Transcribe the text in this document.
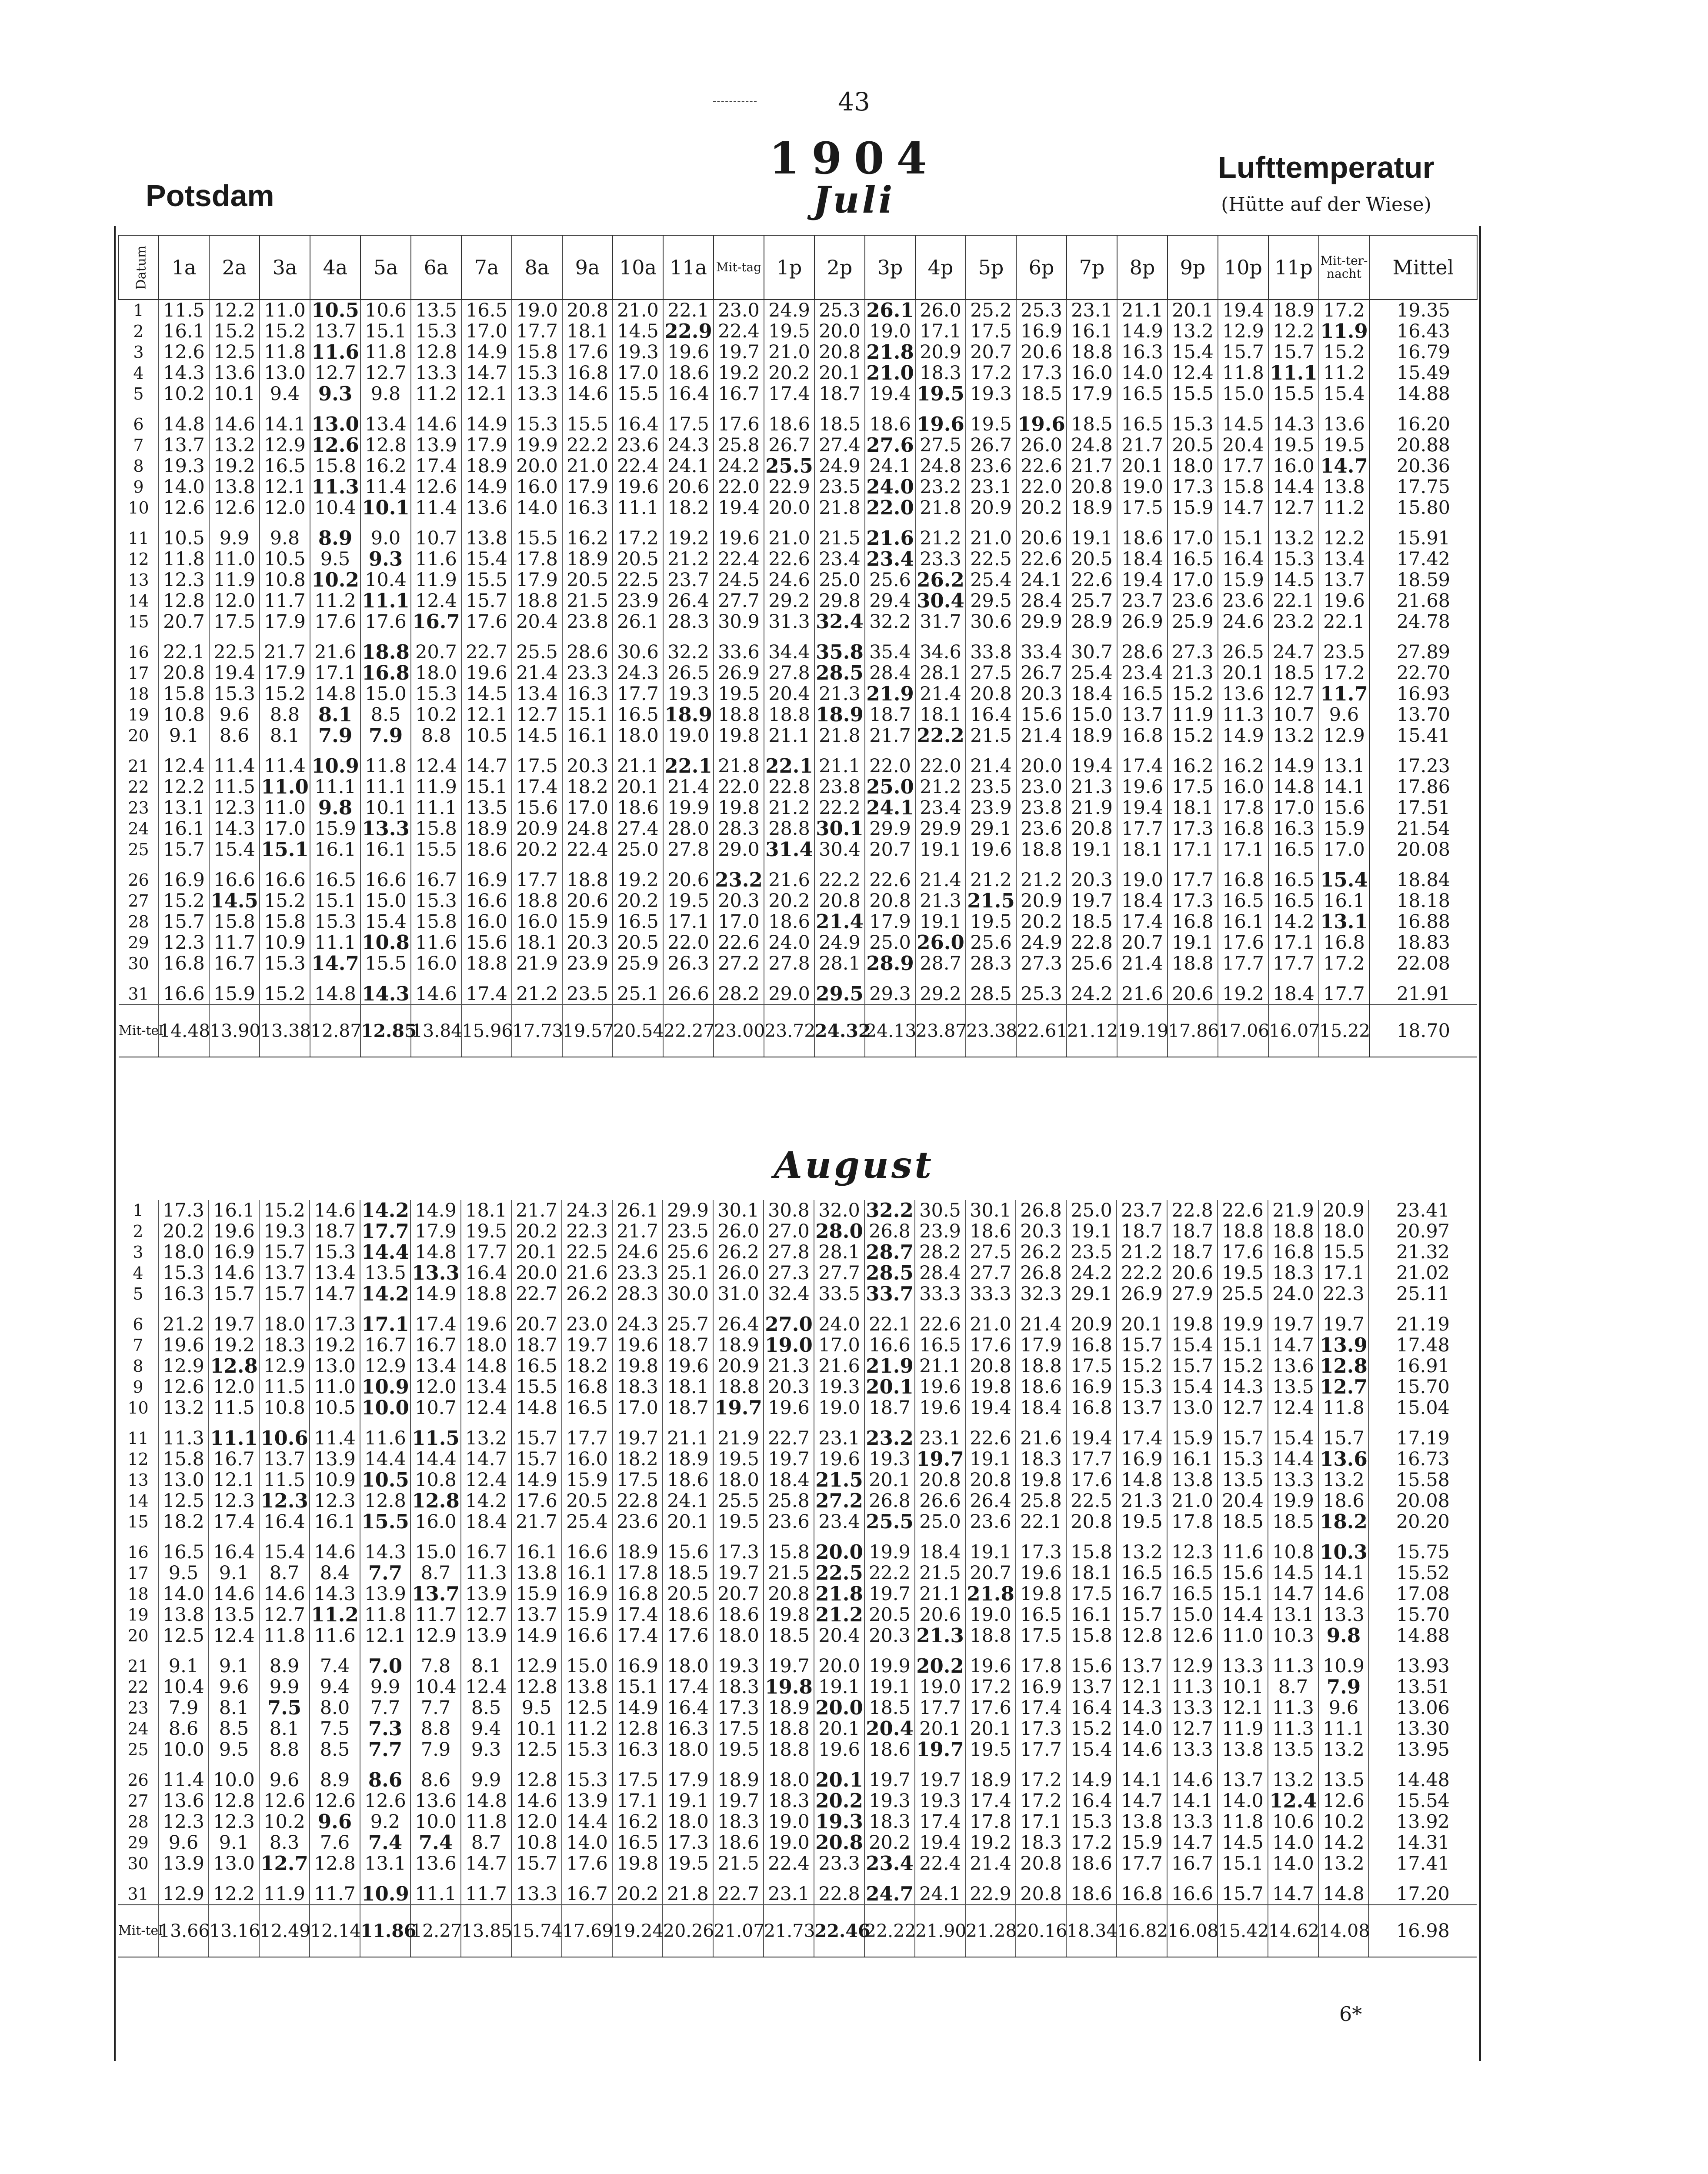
43
1904
Juli
Potsdam
Lufttemperatur
(Hütte auf der Wiese)
Datum	1a	2a	3a	4a	5a	6a	7a	8a	9a	10a	11a	Mit-tag	1p	2p	3p	4p	5p	6p	7p	8p	9p	10p	11p	Mit-ter-nacht	Mittel
1	11.5	12.2	11.0	10.5	10.6	13.5	16.5	19.0	20.8	21.0	22.1	23.0	24.9	25.3	26.1	26.0	25.2	25.3	23.1	21.1	20.1	19.4	18.9	17.2	19.35
2	16.1	15.2	15.2	13.7	15.1	15.3	17.0	17.7	18.1	14.5	22.9	22.4	19.5	20.0	19.0	17.1	17.5	16.9	16.1	14.9	13.2	12.9	12.2	11.9	16.43
3	12.6	12.5	11.8	11.6	11.8	12.8	14.9	15.8	17.6	19.3	19.6	19.7	21.0	20.8	21.8	20.9	20.7	20.6	18.8	16.3	15.4	15.7	15.7	15.2	16.79
4	14.3	13.6	13.0	12.7	12.7	13.3	14.7	15.3	16.8	17.0	18.6	19.2	20.2	20.1	21.0	18.3	17.2	17.3	16.0	14.0	12.4	11.8	11.1	11.2	15.49
5	10.2	10.1	9.4	9.3	9.8	11.2	12.1	13.3	14.6	15.5	16.4	16.7	17.4	18.7	19.4	19.5	19.3	18.5	17.9	16.5	15.5	15.0	15.5	15.4	14.88
6	14.8	14.6	14.1	13.0	13.4	14.6	14.9	15.3	15.5	16.4	17.5	17.6	18.6	18.5	18.6	19.6	19.5	19.6	18.5	16.5	15.3	14.5	14.3	13.6	16.20
7	13.7	13.2	12.9	12.6	12.8	13.9	17.9	19.9	22.2	23.6	24.3	25.8	26.7	27.4	27.6	27.5	26.7	26.0	24.8	21.7	20.5	20.4	19.5	19.5	20.88
8	19.3	19.2	16.5	15.8	16.2	17.4	18.9	20.0	21.0	22.4	24.1	24.2	25.5	24.9	24.1	24.8	23.6	22.6	21.7	20.1	18.0	17.7	16.0	14.7	20.36
9	14.0	13.8	12.1	11.3	11.4	12.6	14.9	16.0	17.9	19.6	20.6	22.0	22.9	23.5	24.0	23.2	23.1	22.0	20.8	19.0	17.3	15.8	14.4	13.8	17.75
10	12.6	12.6	12.0	10.4	10.1	11.4	13.6	14.0	16.3	11.1	18.2	19.4	20.0	21.8	22.0	21.8	20.9	20.2	18.9	17.5	15.9	14.7	12.7	11.2	15.80
11	10.5	9.9	9.8	8.9	9.0	10.7	13.8	15.5	16.2	17.2	19.2	19.6	21.0	21.5	21.6	21.2	21.0	20.6	19.1	18.6	17.0	15.1	13.2	12.2	15.91
12	11.8	11.0	10.5	9.5	9.3	11.6	15.4	17.8	18.9	20.5	21.2	22.4	22.6	23.4	23.4	23.3	22.5	22.6	20.5	18.4	16.5	16.4	15.3	13.4	17.42
13	12.3	11.9	10.8	10.2	10.4	11.9	15.5	17.9	20.5	22.5	23.7	24.5	24.6	25.0	25.6	26.2	25.4	24.1	22.6	19.4	17.0	15.9	14.5	13.7	18.59
14	12.8	12.0	11.7	11.2	11.1	12.4	15.7	18.8	21.5	23.9	26.4	27.7	29.2	29.8	29.4	30.4	29.5	28.4	25.7	23.7	23.6	23.6	22.1	19.6	21.68
15	20.7	17.5	17.9	17.6	17.6	16.7	17.6	20.4	23.8	26.1	28.3	30.9	31.3	32.4	32.2	31.7	30.6	29.9	28.9	26.9	25.9	24.6	23.2	22.1	24.78
16	22.1	22.5	21.7	21.6	18.8	20.7	22.7	25.5	28.6	30.6	32.2	33.6	34.4	35.8	35.4	34.6	33.8	33.4	30.7	28.6	27.3	26.5	24.7	23.5	27.89
17	20.8	19.4	17.9	17.1	16.8	18.0	19.6	21.4	23.3	24.3	26.5	26.9	27.8	28.5	28.4	28.1	27.5	26.7	25.4	23.4	21.3	20.1	18.5	17.2	22.70
18	15.8	15.3	15.2	14.8	15.0	15.3	14.5	13.4	16.3	17.7	19.3	19.5	20.4	21.3	21.9	21.4	20.8	20.3	18.4	16.5	15.2	13.6	12.7	11.7	16.93
19	10.8	9.6	8.8	8.1	8.5	10.2	12.1	12.7	15.1	16.5	18.9	18.8	18.8	18.9	18.7	18.1	16.4	15.6	15.0	13.7	11.9	11.3	10.7	9.6	13.70
20	9.1	8.6	8.1	7.9	7.9	8.8	10.5	14.5	16.1	18.0	19.0	19.8	21.1	21.8	21.7	22.2	21.5	21.4	18.9	16.8	15.2	14.9	13.2	12.9	15.41
21	12.4	11.4	11.4	10.9	11.8	12.4	14.7	17.5	20.3	21.1	22.1	21.8	22.1	21.1	22.0	22.0	21.4	20.0	19.4	17.4	16.2	16.2	14.9	13.1	17.23
22	12.2	11.5	11.0	11.1	11.1	11.9	15.1	17.4	18.2	20.1	21.4	22.0	22.8	23.8	25.0	21.2	23.5	23.0	21.3	19.6	17.5	16.0	14.8	14.1	17.86
23	13.1	12.3	11.0	9.8	10.1	11.1	13.5	15.6	17.0	18.6	19.9	19.8	21.2	22.2	24.1	23.4	23.9	23.8	21.9	19.4	18.1	17.8	17.0	15.6	17.51
24	16.1	14.3	17.0	15.9	13.3	15.8	18.9	20.9	24.8	27.4	28.0	28.3	28.8	30.1	29.9	29.9	29.1	23.6	20.8	17.7	17.3	16.8	16.3	15.9	21.54
25	15.7	15.4	15.1	16.1	16.1	15.5	18.6	20.2	22.4	25.0	27.8	29.0	31.4	30.4	20.7	19.1	19.6	18.8	19.1	18.1	17.1	17.1	16.5	17.0	20.08
26	16.9	16.6	16.6	16.5	16.6	16.7	16.9	17.7	18.8	19.2	20.6	23.2	21.6	22.2	22.6	21.4	21.2	21.2	20.3	19.0	17.7	16.8	16.5	15.4	18.84
27	15.2	14.5	15.2	15.1	15.0	15.3	16.6	18.8	20.6	20.2	19.5	20.3	20.2	20.8	20.8	21.3	21.5	20.9	19.7	18.4	17.3	16.5	16.5	16.1	18.18
28	15.7	15.8	15.8	15.3	15.4	15.8	16.0	16.0	15.9	16.5	17.1	17.0	18.6	21.4	17.9	19.1	19.5	20.2	18.5	17.4	16.8	16.1	14.2	13.1	16.88
29	12.3	11.7	10.9	11.1	10.8	11.6	15.6	18.1	20.3	20.5	22.0	22.6	24.0	24.9	25.0	26.0	25.6	24.9	22.8	20.7	19.1	17.6	17.1	16.8	18.83
30	16.8	16.7	15.3	14.7	15.5	16.0	18.8	21.9	23.9	25.9	26.3	27.2	27.8	28.1	28.9	28.7	28.3	27.3	25.6	21.4	18.8	17.7	17.7	17.2	22.08
31	16.6	15.9	15.2	14.8	14.3	14.6	17.4	21.2	23.5	25.1	26.6	28.2	29.0	29.5	29.3	29.2	28.5	25.3	24.2	21.6	20.6	19.2	18.4	17.7	21.91
Mit-tel	14.48	13.90	13.38	12.87	12.85	13.84	15.96	17.73	19.57	20.54	22.27	23.00	23.72	24.32	24.13	23.87	23.38	22.61	21.12	19.19	17.86	17.06	16.07	15.22	18.70
August
1	17.3	16.1	15.2	14.6	14.2	14.9	18.1	21.7	24.3	26.1	29.9	30.1	30.8	32.0	32.2	30.5	30.1	26.8	25.0	23.7	22.8	22.6	21.9	20.9	23.41
2	20.2	19.6	19.3	18.7	17.7	17.9	19.5	20.2	22.3	21.7	23.5	26.0	27.0	28.0	26.8	23.9	18.6	20.3	19.1	18.7	18.7	18.8	18.8	18.0	20.97
3	18.0	16.9	15.7	15.3	14.4	14.8	17.7	20.1	22.5	24.6	25.6	26.2	27.8	28.1	28.7	28.2	27.5	26.2	23.5	21.2	18.7	17.6	16.8	15.5	21.32
4	15.3	14.6	13.7	13.4	13.5	13.3	16.4	20.0	21.6	23.3	25.1	26.0	27.3	27.7	28.5	28.4	27.7	26.8	24.2	22.2	20.6	19.5	18.3	17.1	21.02
5	16.3	15.7	15.7	14.7	14.2	14.9	18.8	22.7	26.2	28.3	30.0	31.0	32.4	33.5	33.7	33.3	33.3	32.3	29.1	26.9	27.9	25.5	24.0	22.3	25.11
6	21.2	19.7	18.0	17.3	17.1	17.4	19.6	20.7	23.0	24.3	25.7	26.4	27.0	24.0	22.1	22.6	21.0	21.4	20.9	20.1	19.8	19.9	19.7	19.7	21.19
7	19.6	19.2	18.3	19.2	16.7	16.7	18.0	18.7	19.7	19.6	18.7	18.9	19.0	17.0	16.6	16.5	17.6	17.9	16.8	15.7	15.4	15.1	14.7	13.9	17.48
8	12.9	12.8	12.9	13.0	12.9	13.4	14.8	16.5	18.2	19.8	19.6	20.9	21.3	21.6	21.9	21.1	20.8	18.8	17.5	15.2	15.7	15.2	13.6	12.8	16.91
9	12.6	12.0	11.5	11.0	10.9	12.0	13.4	15.5	16.8	18.3	18.1	18.8	20.3	19.3	20.1	19.6	19.8	18.6	16.9	15.3	15.4	14.3	13.5	12.7	15.70
10	13.2	11.5	10.8	10.5	10.0	10.7	12.4	14.8	16.5	17.0	18.7	19.7	19.6	19.0	18.7	19.6	19.4	18.4	16.8	13.7	13.0	12.7	12.4	11.8	15.04
11	11.3	11.1	10.6	11.4	11.6	11.5	13.2	15.7	17.7	19.7	21.1	21.9	22.7	23.1	23.2	23.1	22.6	21.6	19.4	17.4	15.9	15.7	15.4	15.7	17.19
12	15.8	16.7	13.7	13.9	14.4	14.4	14.7	15.7	16.0	18.2	18.9	19.5	19.7	19.6	19.3	19.7	19.1	18.3	17.7	16.9	16.1	15.3	14.4	13.6	16.73
13	13.0	12.1	11.5	10.9	10.5	10.8	12.4	14.9	15.9	17.5	18.6	18.0	18.4	21.5	20.1	20.8	20.8	19.8	17.6	14.8	13.8	13.5	13.3	13.2	15.58
14	12.5	12.3	12.3	12.3	12.8	12.8	14.2	17.6	20.5	22.8	24.1	25.5	25.8	27.2	26.8	26.6	26.4	25.8	22.5	21.3	21.0	20.4	19.9	18.6	20.08
15	18.2	17.4	16.4	16.1	15.5	16.0	18.4	21.7	25.4	23.6	20.1	19.5	23.6	23.4	25.5	25.0	23.6	22.1	20.8	19.5	17.8	18.5	18.5	18.2	20.20
16	16.5	16.4	15.4	14.6	14.3	15.0	16.7	16.1	16.6	18.9	15.6	17.3	15.8	20.0	19.9	18.4	19.1	17.3	15.8	13.2	12.3	11.6	10.8	10.3	15.75
17	9.5	9.1	8.7	8.4	7.7	8.7	11.3	13.8	16.1	17.8	18.5	19.7	21.5	22.5	22.2	21.5	20.7	19.6	18.1	16.5	16.5	15.6	14.5	14.1	15.52
18	14.0	14.6	14.6	14.3	13.9	13.7	13.9	15.9	16.9	16.8	20.5	20.7	20.8	21.8	19.7	21.1	21.8	19.8	17.5	16.7	16.5	15.1	14.7	14.6	17.08
19	13.8	13.5	12.7	11.2	11.8	11.7	12.7	13.7	15.9	17.4	18.6	18.6	19.8	21.2	20.5	20.6	19.0	16.5	16.1	15.7	15.0	14.4	13.1	13.3	15.70
20	12.5	12.4	11.8	11.6	12.1	12.9	13.9	14.9	16.6	17.4	17.6	18.0	18.5	20.4	20.3	21.3	18.8	17.5	15.8	12.8	12.6	11.0	10.3	9.8	14.88
21	9.1	9.1	8.9	7.4	7.0	7.8	8.1	12.9	15.0	16.9	18.0	19.3	19.7	20.0	19.9	20.2	19.6	17.8	15.6	13.7	12.9	13.3	11.3	10.9	13.93
22	10.4	9.6	9.9	9.4	9.9	10.4	12.4	12.8	13.8	15.1	17.4	18.3	19.8	19.1	19.1	19.0	17.2	16.9	13.7	12.1	11.3	10.1	8.7	7.9	13.51
23	7.9	8.1	7.5	8.0	7.7	7.7	8.5	9.5	12.5	14.9	16.4	17.3	18.9	20.0	18.5	17.7	17.6	17.4	16.4	14.3	13.3	12.1	11.3	9.6	13.06
24	8.6	8.5	8.1	7.5	7.3	8.8	9.4	10.1	11.2	12.8	16.3	17.5	18.8	20.1	20.4	20.1	20.1	17.3	15.2	14.0	12.7	11.9	11.3	11.1	13.30
25	10.0	9.5	8.8	8.5	7.7	7.9	9.3	12.5	15.3	16.3	18.0	19.5	18.8	19.6	18.6	19.7	19.5	17.7	15.4	14.6	13.3	13.8	13.5	13.2	13.95
26	11.4	10.0	9.6	8.9	8.6	8.6	9.9	12.8	15.3	17.5	17.9	18.9	18.0	20.1	19.7	19.7	18.9	17.2	14.9	14.1	14.6	13.7	13.2	13.5	14.48
27	13.6	12.8	12.6	12.6	12.6	13.6	14.8	14.6	13.9	17.1	19.1	19.7	18.3	20.2	19.3	19.3	17.4	17.2	16.4	14.7	14.1	14.0	12.4	12.6	15.54
28	12.3	12.3	10.2	9.6	9.2	10.0	11.8	12.0	14.4	16.2	18.0	18.3	19.0	19.3	18.3	17.4	17.8	17.1	15.3	13.8	13.3	11.8	10.6	10.2	13.92
29	9.6	9.1	8.3	7.6	7.4	7.4	8.7	10.8	14.0	16.5	17.3	18.6	19.0	20.8	20.2	19.4	19.2	18.3	17.2	15.9	14.7	14.5	14.0	14.2	14.31
30	13.9	13.0	12.7	12.8	13.1	13.6	14.7	15.7	17.6	19.8	19.5	21.5	22.4	23.3	23.4	22.4	21.4	20.8	18.6	17.7	16.7	15.1	14.0	13.2	17.41
31	12.9	12.2	11.9	11.7	10.9	11.1	11.7	13.3	16.7	20.2	21.8	22.7	23.1	22.8	24.7	24.1	22.9	20.8	18.6	16.8	16.6	15.7	14.7	14.8	17.20
Mit-tel	13.66	13.16	12.49	12.14	11.86	12.27	13.85	15.74	17.69	19.24	20.26	21.07	21.73	22.46	22.22	21.90	21.28	20.16	18.34	16.82	16.08	15.42	14.62	14.08	16.98
6*
